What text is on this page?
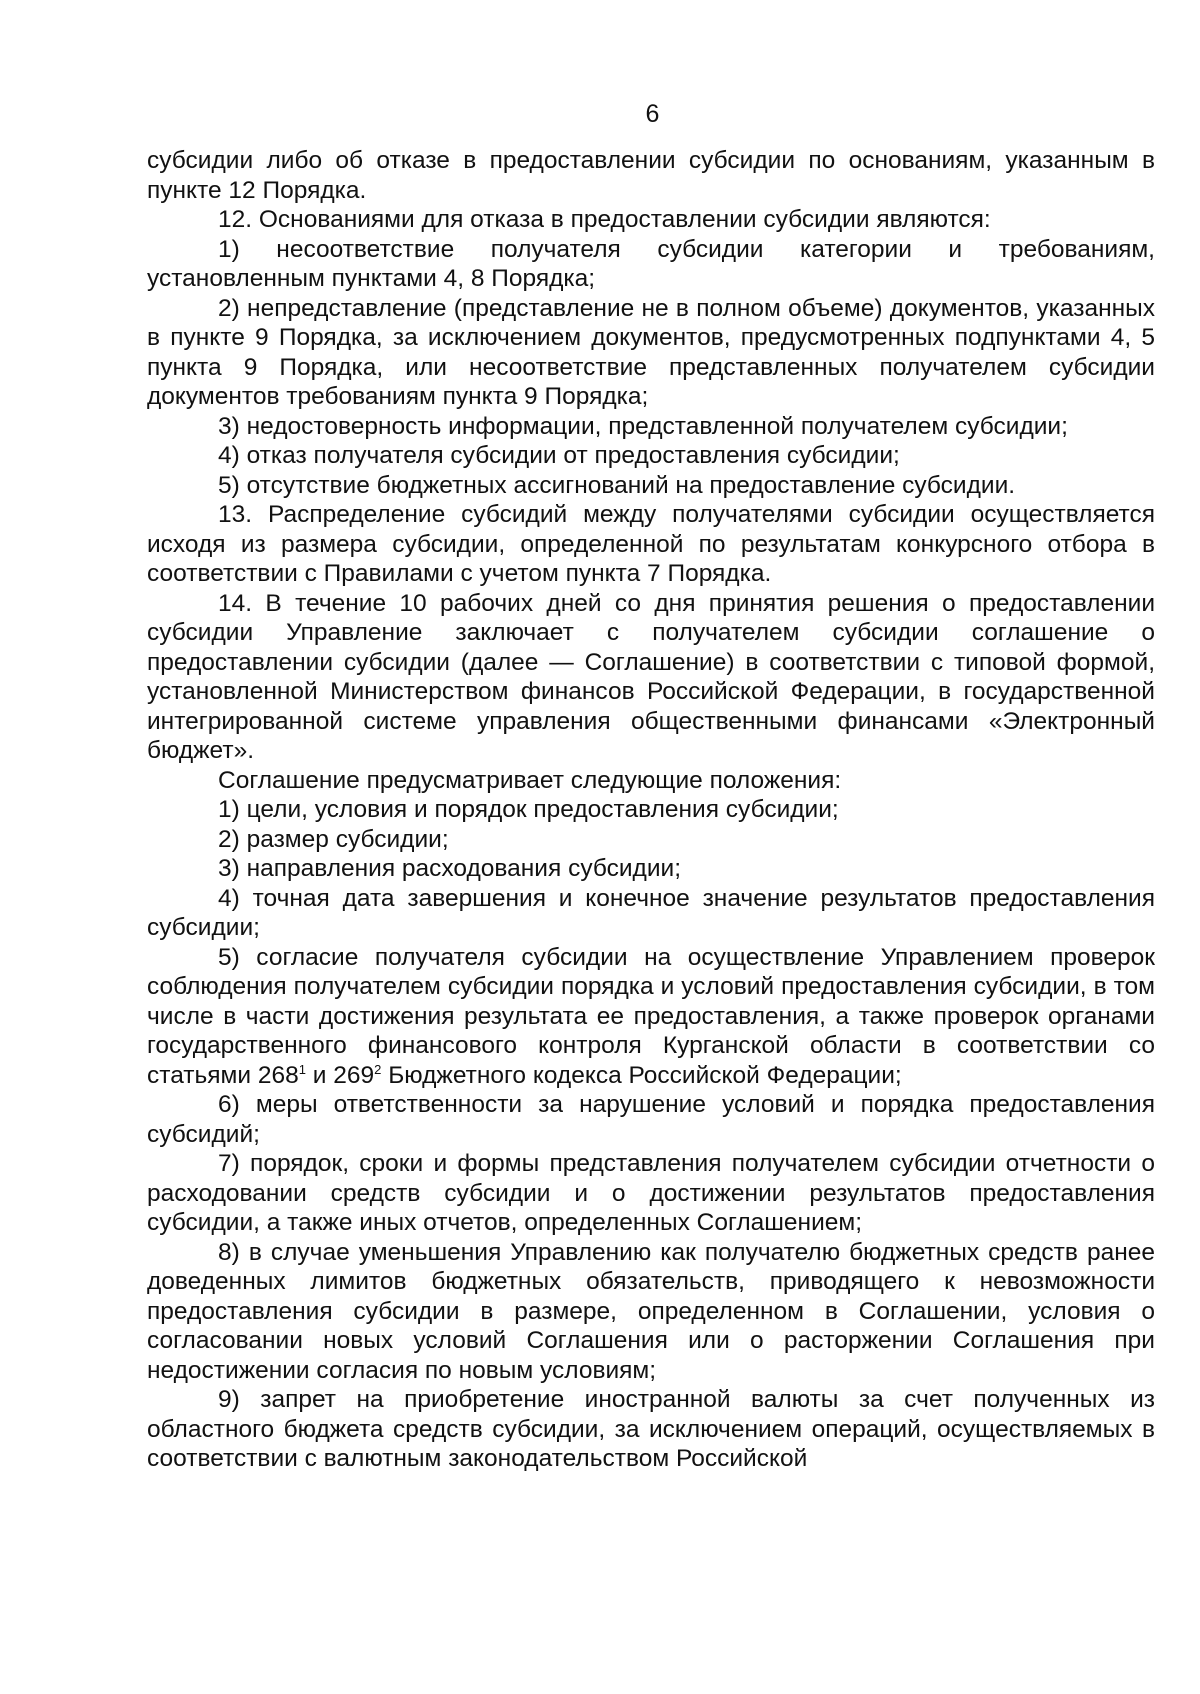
6

субсидии либо об отказе в предоставлении субсидии по основаниям, указанным в пункте 12 Порядка.

12. Основаниями для отказа в предоставлении субсидии являются:

1) несоответствие получателя субсидии категории и требованиям, установленным пунктами 4, 8 Порядка;

2) непредставление (представление не в полном объеме) документов, указанных в пункте 9 Порядка, за исключением документов, предусмотренных подпунктами 4, 5 пункта 9 Порядка, или несоответствие представленных получателем субсидии документов требованиям пункта 9 Порядка;

3) недостоверность информации, представленной получателем субсидии;

4) отказ получателя субсидии от предоставления субсидии;

5) отсутствие бюджетных ассигнований на предоставление субсидии.

13. Распределение субсидий между получателями субсидии осуществляется исходя из размера субсидии, определенной по результатам конкурсного отбора в соответствии с Правилами с учетом пункта 7 Порядка.

14. В течение 10 рабочих дней со дня принятия решения о предоставлении субсидии Управление заключает с получателем субсидии соглашение о предоставлении субсидии (далее — Соглашение) в соответствии с типовой формой, установленной Министерством финансов Российской Федерации, в государственной интегрированной системе управления общественными финансами «Электронный бюджет».

Соглашение предусматривает следующие положения:

1) цели, условия и порядок предоставления субсидии;

2) размер субсидии;

3) направления расходования субсидии;

4) точная дата завершения и конечное значение результатов предоставления субсидии;

5) согласие получателя субсидии на осуществление Управлением проверок соблюдения получателем субсидии порядка и условий предоставления субсидии, в том числе в части достижения результата ее предоставления, а также проверок органами государственного финансового контроля Курганской области в соответствии со статьями $268^1$ и $269^2$ Бюджетного кодекса Российской Федерации;

6) меры ответственности за нарушение условий и порядка предоставления субсидий;

7) порядок, сроки и формы представления получателем субсидии отчетности о расходовании средств субсидии и о достижении результатов предоставления субсидии, а также иных отчетов, определенных Соглашением;

8) в случае уменьшения Управлению как получателю бюджетных средств ранее доведенных лимитов бюджетных обязательств, приводящего к невозможности предоставления субсидии в размере, определенном в Соглашении, условия о согласовании новых условий Соглашения или о расторжении Соглашения при недостижении согласия по новым условиям;

9) запрет на приобретение иностранной валюты за счет полученных из областного бюджета средств субсидии, за исключением операций, осуществляемых в соответствии с валютным законодательством Российской
